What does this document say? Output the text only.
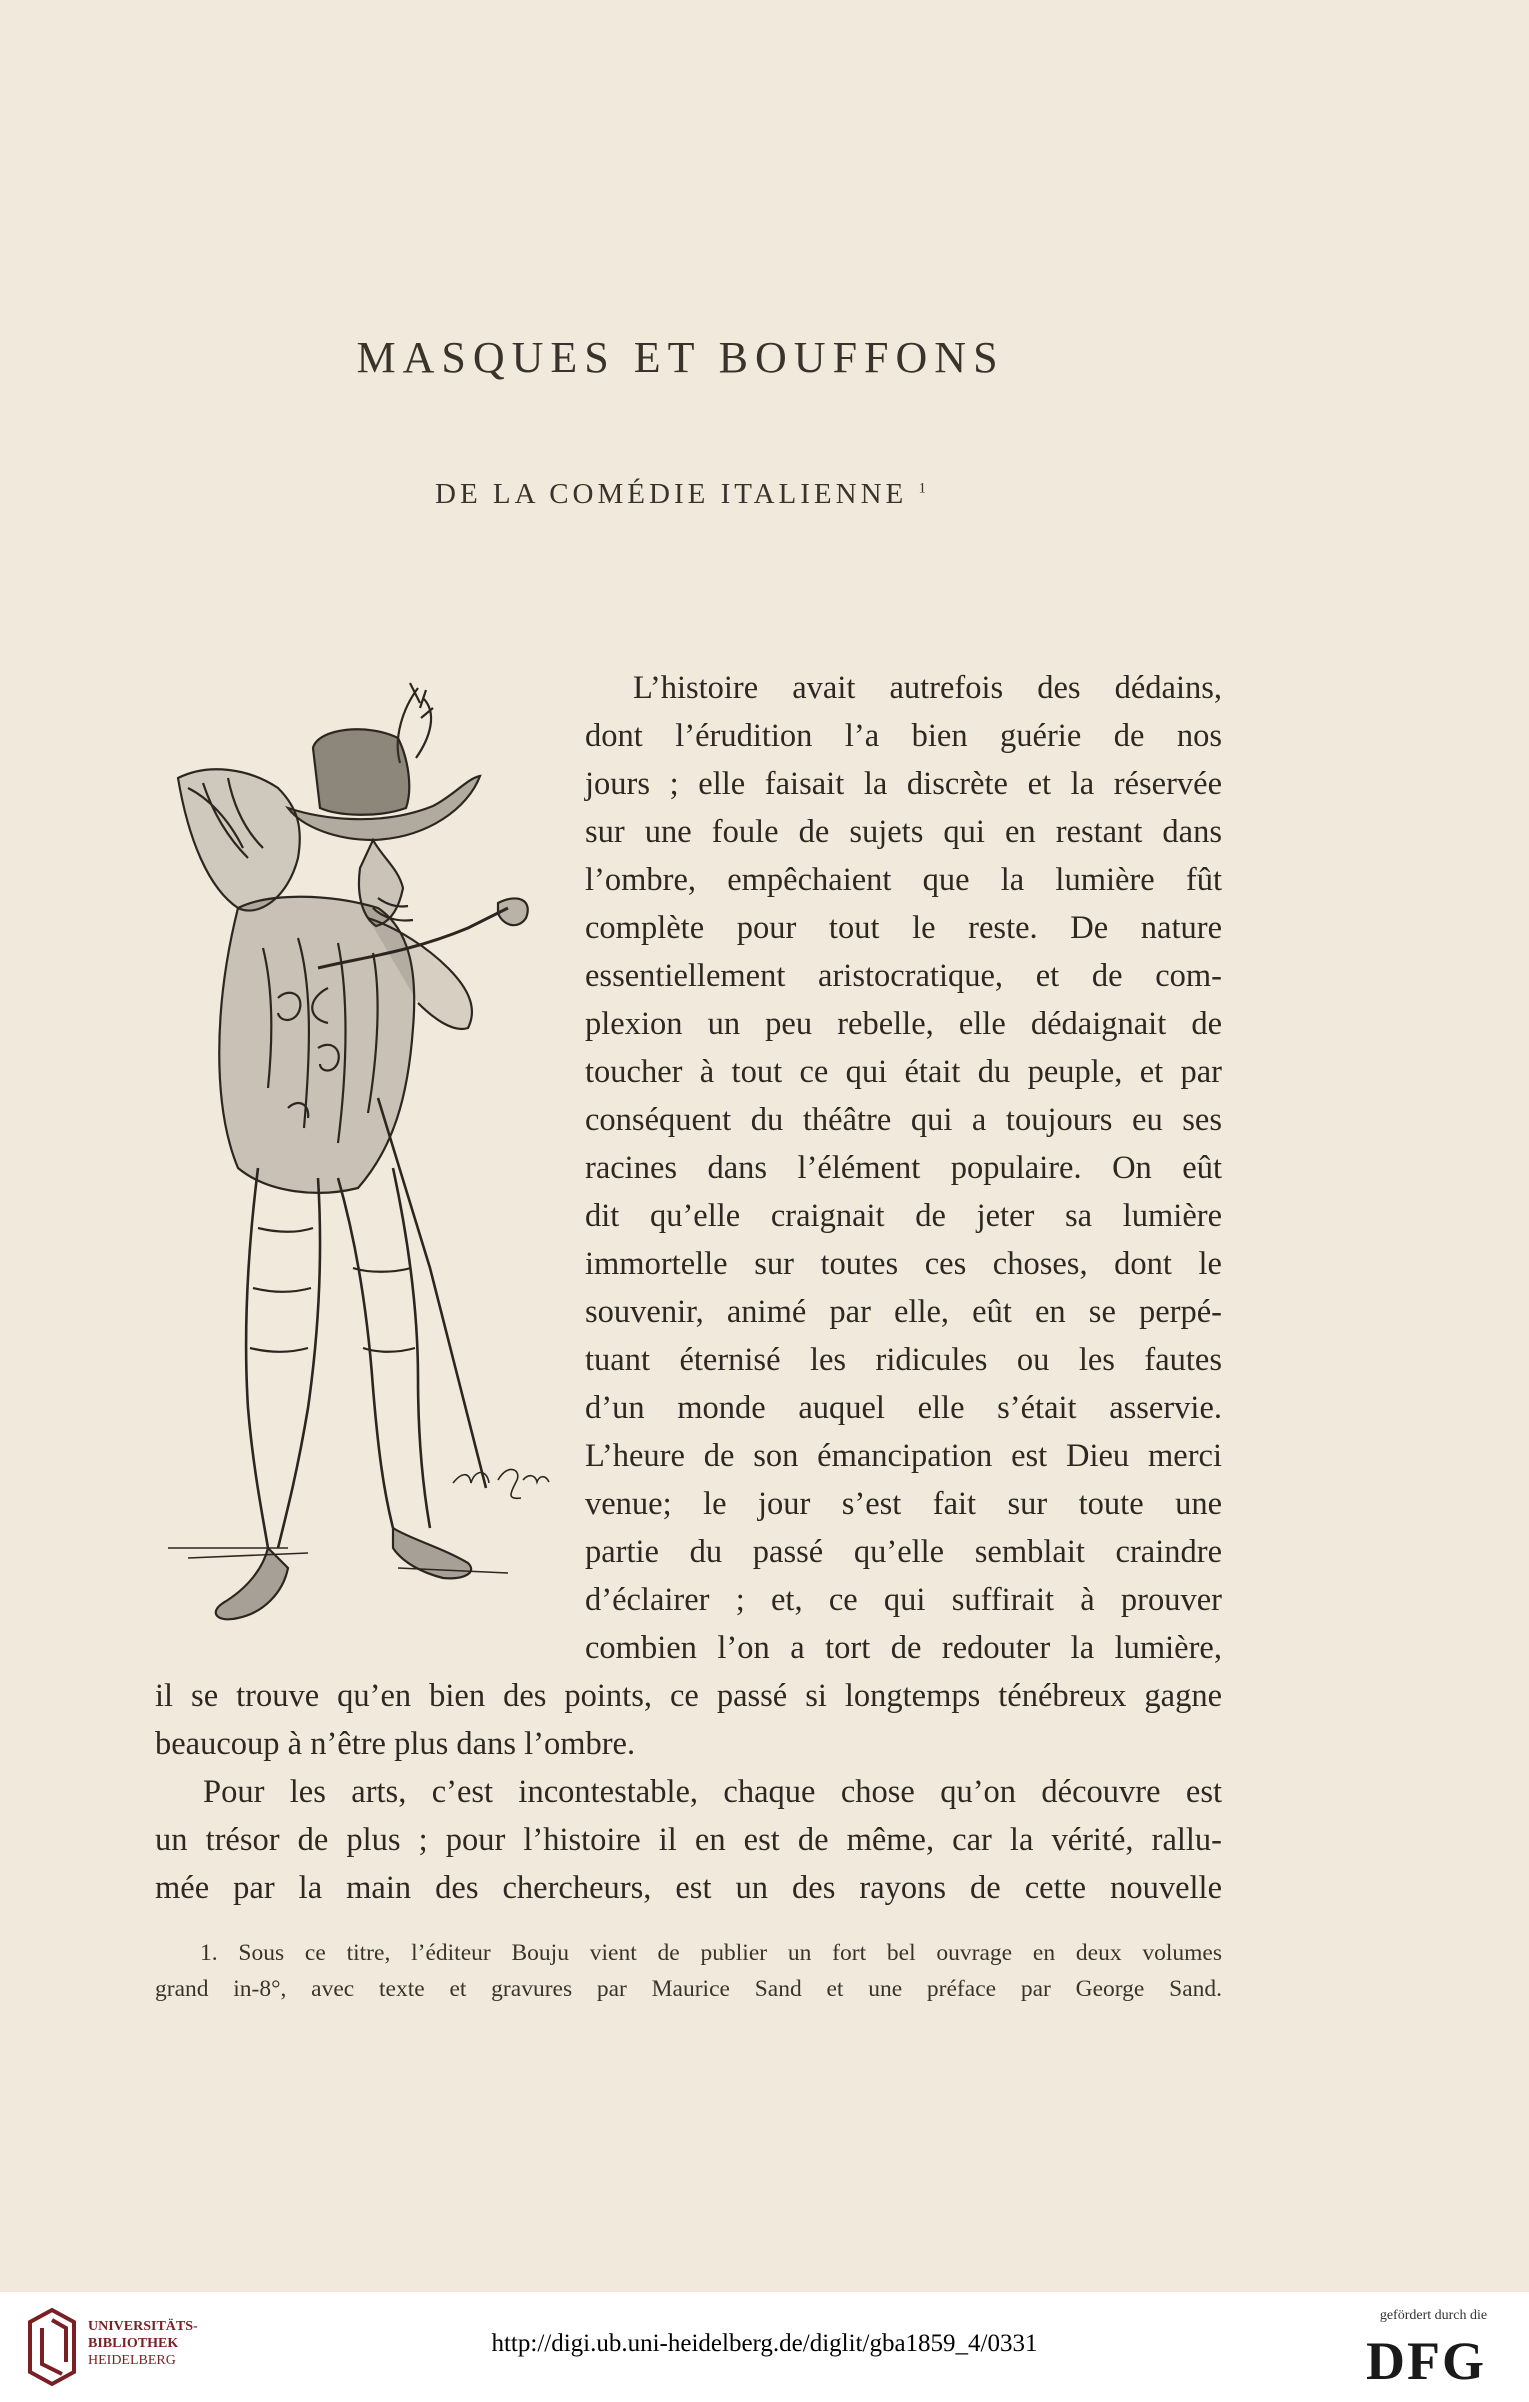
MASQUES ET BOUFFONS
DE LA COMÉDIE ITALIENNE $^1$
L’histoire avait autrefois des dédains,
dont l’érudition l’a bien guérie de nos
jours ; elle faisait la discrète et la réservée
sur une foule de sujets qui en restant dans
l’ombre, empêchaient que la lumière fût
complète pour tout le reste. De nature
essentiellement aristocratique, et de com-
plexion un peu rebelle, elle dédaignait de
toucher à tout ce qui était du peuple, et par
conséquent du théâtre qui a toujours eu ses
racines dans l’élément populaire. On eût
dit qu’elle craignait de jeter sa lumière
immortelle sur toutes ces choses, dont le
souvenir, animé par elle, eût en se perpé-
tuant éternisé les ridicules ou les fautes
d’un monde auquel elle s’était asservie.
L’heure de son émancipation est Dieu merci
venue; le jour s’est fait sur toute une
partie du passé qu’elle semblait craindre
d’éclairer ; et, ce qui suffirait à prouver
combien l’on a tort de redouter la lumière,
il se trouve qu’en bien des points, ce passé si longtemps ténébreux gagne
beaucoup à n’être plus dans l’ombre.
Pour les arts, c’est incontestable, chaque chose qu’on découvre est
un trésor de plus ; pour l’histoire il en est de même, car la vérité, rallu-
mée par la main des chercheurs, est un des rayons de cette nouvelle
1. Sous ce titre, l’éditeur Bouju vient de publier un fort bel ouvrage en deux volumes
grand in-8°, avec texte et gravures par Maurice Sand et une préface par George Sand.
UNIVERSITÄTS-
BIBLIOTHEK
HEIDELBERG
http://digi.ub.uni-heidelberg.de/diglit/gba1859_4/0331
gefördert durch die
DFG
